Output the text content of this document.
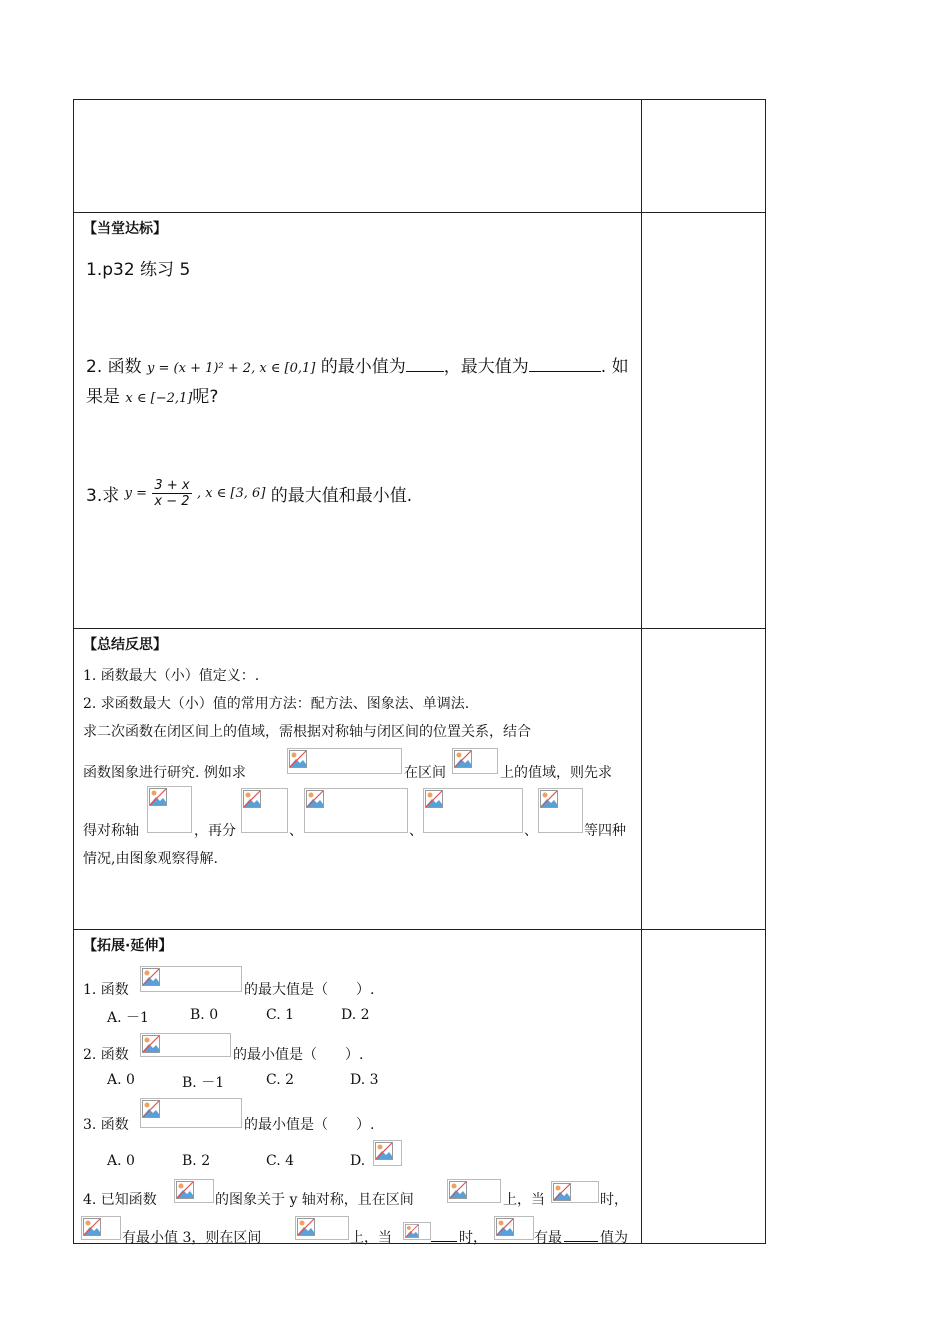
【当堂达标】
1.p32 练习 5
2. 函数 y = (x + 1)² + 2, x ∈ [0,1] 的最小值为 ，最大值为	. 如
果是 x ∈ [−2,1]呢?
3.求 $y = \frac{3 + x}{x - 2}$ , x ∈ [3, 6] 的最大值和最小值.
【总结反思】
1. 函数最大（小）值定义：.
2. 求函数最大（小）值的常用方法：配方法、图象法、单调法.
求二次函数在闭区间上的值域，需根据对称轴与闭区间的位置关系，结合
函数图象进行研究. 例如求	在区间	上的值域，则先求
得对称轴	，再分	、	、	、	等四种
情况,由图象观察得解.
【拓展·延伸】
1. 函数	的最大值是（　　）.
A. －1	B. 0	C. 1	D. 2
2. 函数	的最小值是（　　）.
A. 0	B. －1	C. 2	D. 3
3. 函数	的最小值是（　　）.
A. 0	B. 2	C. 4	D.
4. 已知函数	的图象关于 y 轴对称，且在区间	上，当	时，
有最小值 3，则在区间	上，当	时，	有最	值为
